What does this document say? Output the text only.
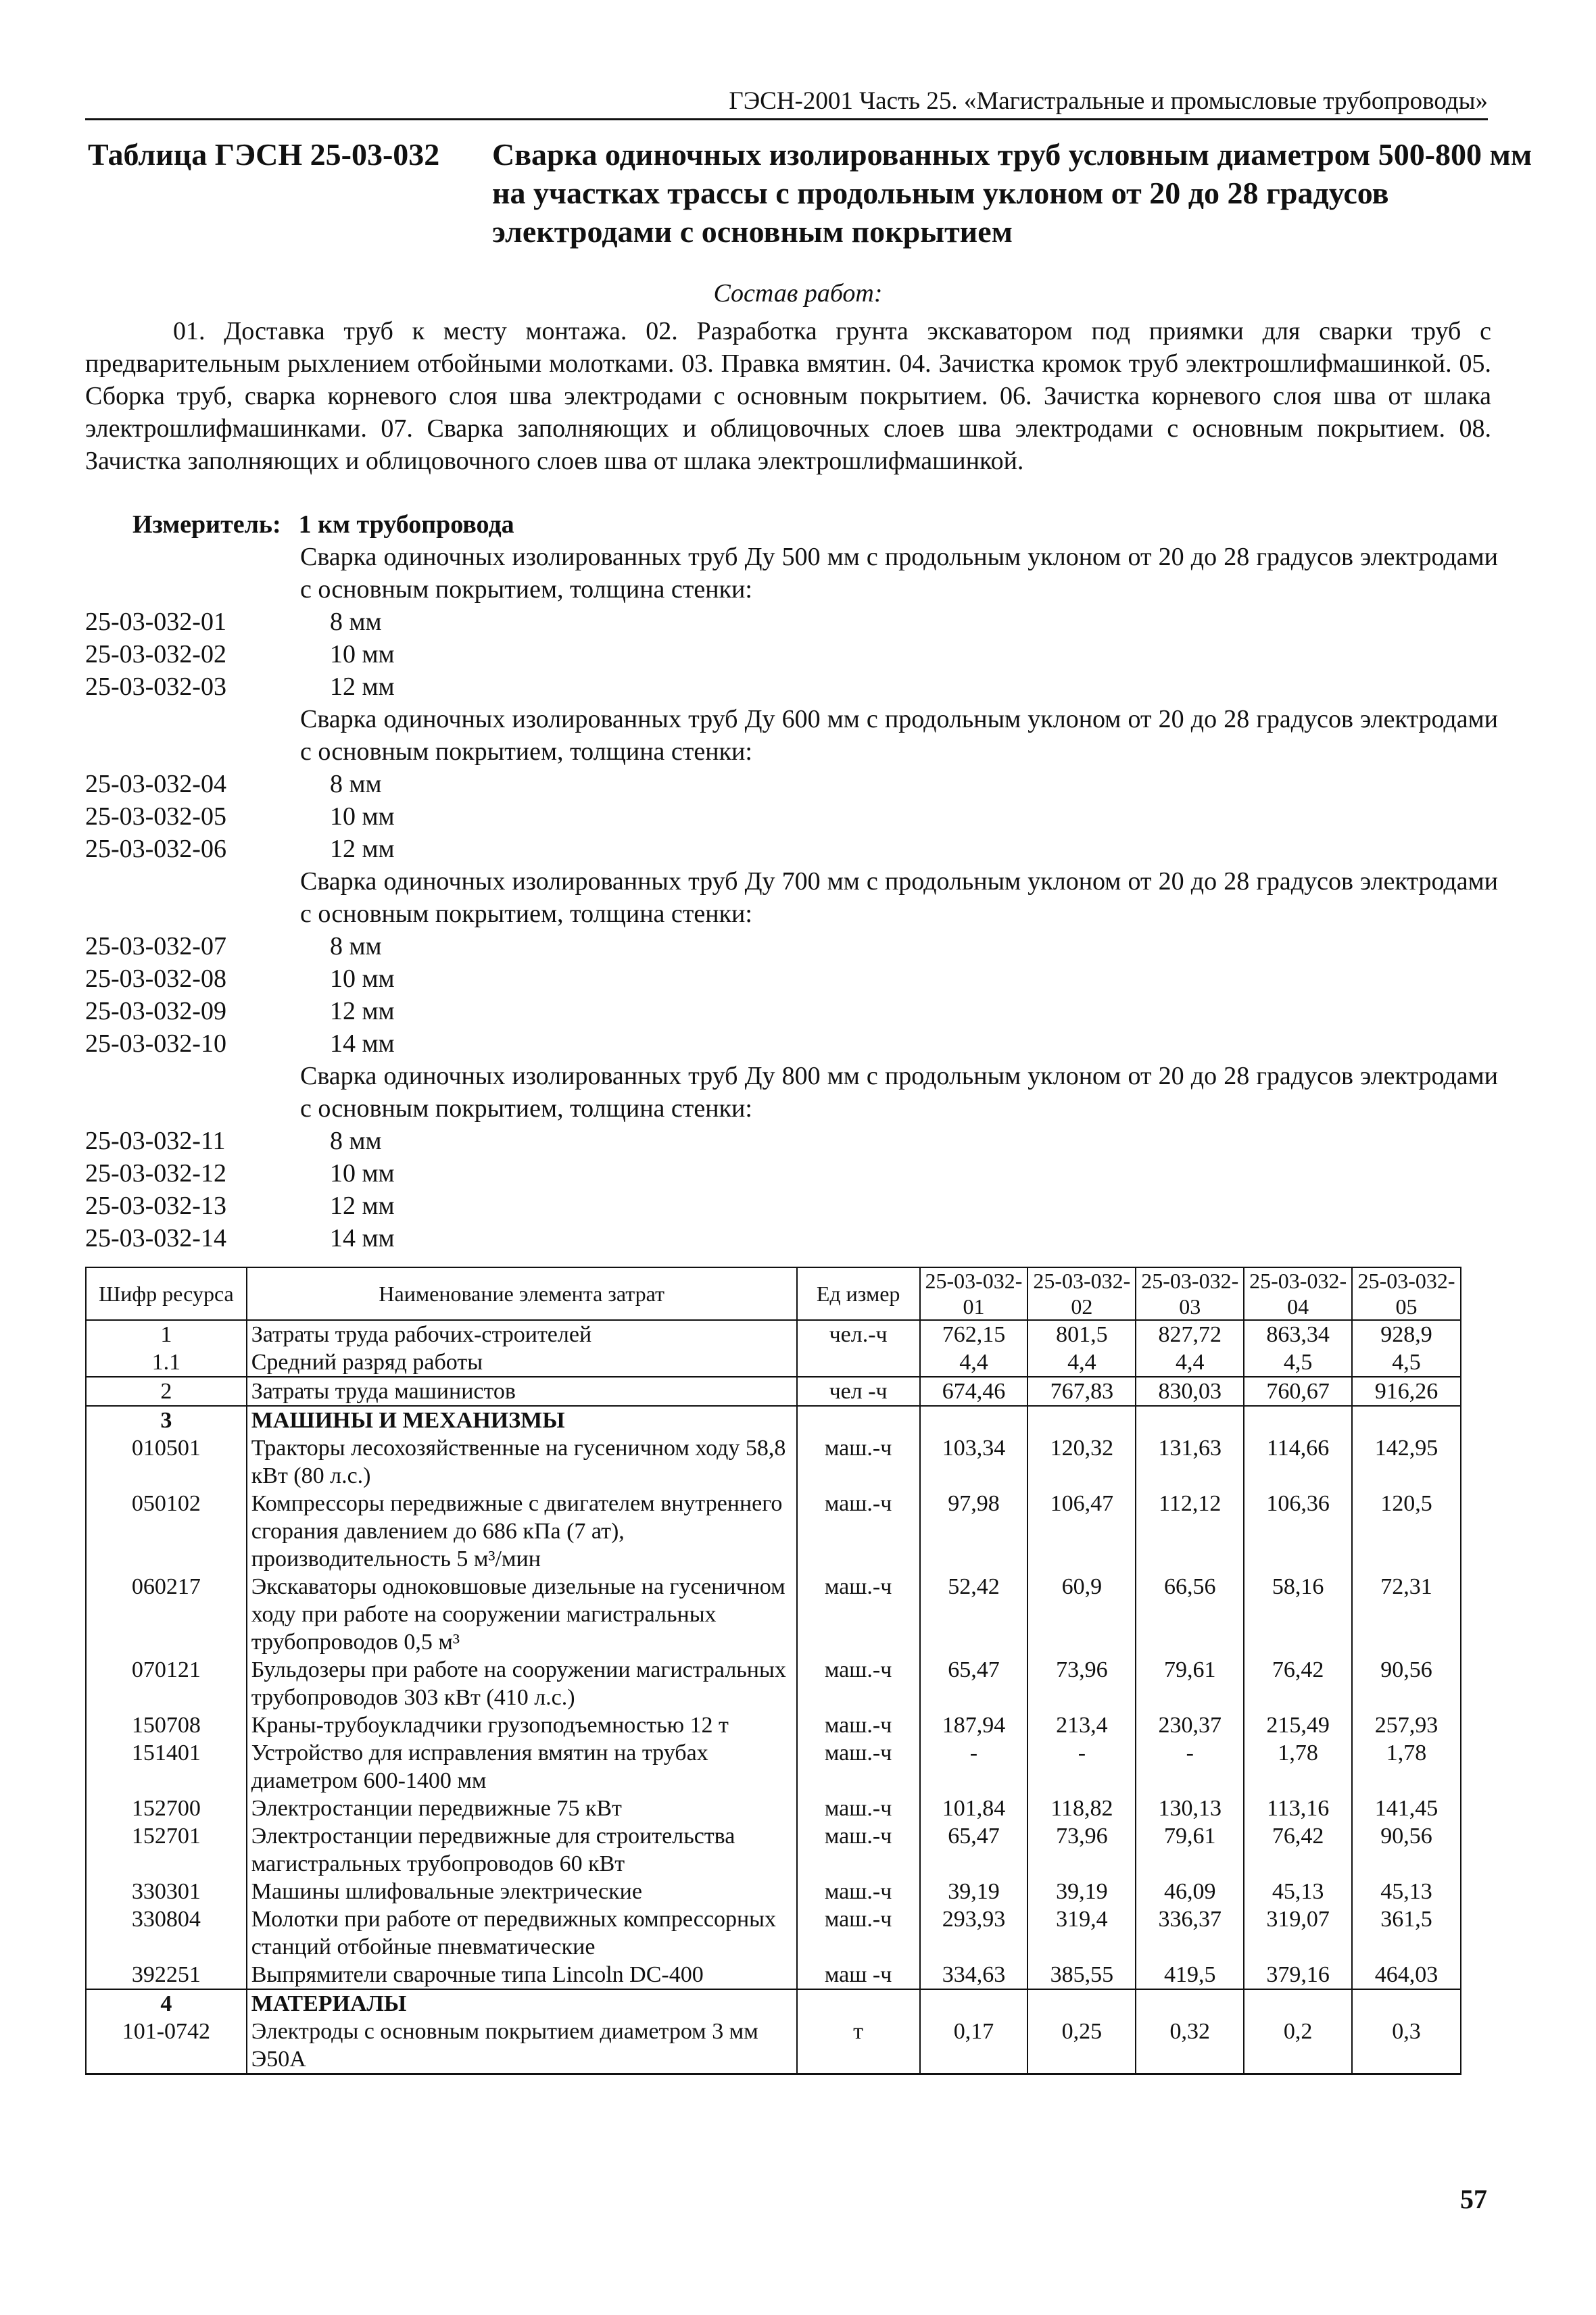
ГЭСН-2001 Часть 25. «Магистральные и промысловые трубопроводы»
Таблица ГЭСН 25-03-032 Сварка одиночных изолированных труб условным диаметром 500-800 мм на участках трассы с продольным уклоном от 20 до 28 градусов электродами с основным покрытием
Состав работ:
01. Доставка труб к месту монтажа. 02. Разработка грунта экскаватором под приямки для сварки труб с предварительным рыхлением отбойными молотками. 03. Правка вмятин. 04. Зачистка кромок труб электрошлифмашинкой. 05. Сборка труб, сварка корневого слоя шва электродами с основным покрытием. 06. Зачистка корневого слоя шва от шлака электрошлифмашинками. 07. Сварка заполняющих и облицовочных слоев шва электродами с основным покрытием. 08. Зачистка заполняющих и облицовочного слоев шва от шлака электрошлифмашинкой.
Измеритель: 1 км трубопровода
Сварка одиночных изолированных труб Ду 500 мм с продольным уклоном от 20 до 28 градусов электродами с основным покрытием, толщина стенки:
25-03-032-01	8 мм
25-03-032-02	10 мм
25-03-032-03	12 мм
Сварка одиночных изолированных труб Ду 600 мм с продольным уклоном от 20 до 28 градусов электродами с основным покрытием, толщина стенки:
25-03-032-04	8 мм
25-03-032-05	10 мм
25-03-032-06	12 мм
Сварка одиночных изолированных труб Ду 700 мм с продольным уклоном от 20 до 28 градусов электродами с основным покрытием, толщина стенки:
25-03-032-07	8 мм
25-03-032-08	10 мм
25-03-032-09	12 мм
25-03-032-10	14 мм
Сварка одиночных изолированных труб Ду 800 мм с продольным уклоном от 20 до 28 градусов электродами с основным покрытием, толщина стенки:
25-03-032-11	8 мм
25-03-032-12	10 мм
25-03-032-13	12 мм
25-03-032-14	14 мм
Шифр ресурса	Наименование элемента затрат	Ед измер	25-03-032-01	25-03-032-02	25-03-032-03	25-03-032-04	25-03-032-05
1	Затраты труда рабочих-строителей	чел.-ч	762,15	801,5	827,72	863,34	928,9
1.1	Средний разряд работы		4,4	4,4	4,4	4,5	4,5
2	Затраты труда машинистов	чел -ч	674,46	767,83	830,03	760,67	916,26
3	МАШИНЫ И МЕХАНИЗМЫ						
010501	Тракторы лесохозяйственные на гусеничном ходу 58,8 кВт (80 л.с.)	маш.-ч	103,34	120,32	131,63	114,66	142,95
050102	Компрессоры передвижные с двигателем внутреннего сгорания давлением до 686 кПа (7 ат), производительность 5 м³/мин	маш.-ч	97,98	106,47	112,12	106,36	120,5
060217	Экскаваторы одноковшовые дизельные на гусеничном ходу при работе на сооружении магистральных трубопроводов 0,5 м³	маш.-ч	52,42	60,9	66,56	58,16	72,31
070121	Бульдозеры при работе на сооружении магистральных трубопроводов 303 кВт (410 л.с.)	маш.-ч	65,47	73,96	79,61	76,42	90,56
150708	Краны-трубоукладчики грузоподъемностью 12 т	маш.-ч	187,94	213,4	230,37	215,49	257,93
151401	Устройство для исправления вмятин на трубах диаметром 600-1400 мм	маш.-ч	-	-	-	1,78	1,78
152700	Электростанции передвижные 75 кВт	маш.-ч	101,84	118,82	130,13	113,16	141,45
152701	Электростанции передвижные для строительства магистральных трубопроводов 60 кВт	маш.-ч	65,47	73,96	79,61	76,42	90,56
330301	Машины шлифовальные электрические	маш.-ч	39,19	39,19	46,09	45,13	45,13
330804	Молотки при работе от передвижных компрессорных станций отбойные пневматические	маш.-ч	293,93	319,4	336,37	319,07	361,5
392251	Выпрямители сварочные типа Lincoln DC-400	маш -ч	334,63	385,55	419,5	379,16	464,03
4	МАТЕРИАЛЫ						
101-0742	Электроды с основным покрытием диаметром 3 мм Э50А	т	0,17	0,25	0,32	0,2	0,3
57
